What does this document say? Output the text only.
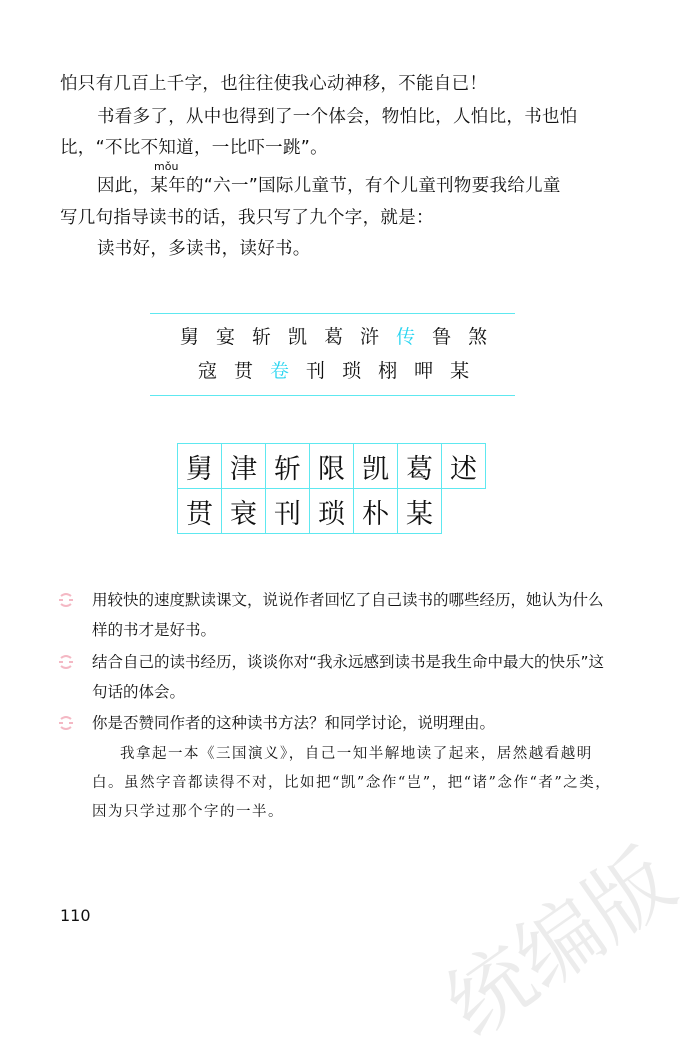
怕只有几百上千字，也往往使我心动神移，不能自已！
书看多了，从中也得到了一个体会，物怕比，人怕比，书也怕
比，“不比不知道，一比吓一跳”。
mǒu
因此，某年的“六一”国际儿童节，有个儿童刊物要我给儿童
写几句指导读书的话，我只写了九个字，就是：
读书好，多读书，读好书。
舅 宴 斩 凯 葛 浒 传 鲁 煞
寇 贯 卷 刊 琐 栩 呷 某
舅 津 斩 限 凯 葛 述
贯 衰 刊 琐 朴 某
用较快的速度默读课文，说说作者回忆了自己读书的哪些经历，她认为什么样的书才是好书。
结合自己的读书经历，谈谈你对“我永远感到读书是我生命中最大的快乐”这句话的体会。
你是否赞同作者的这种读书方法？和同学讨论，说明理由。
我拿起一本《三国演义》，自己一知半解地读了起来，居然越看越明白。虽然字音都读得不对，比如把“凯”念作“岂”，把“诸”念作“者”之类，因为只学过那个字的一半。
统编版
110
